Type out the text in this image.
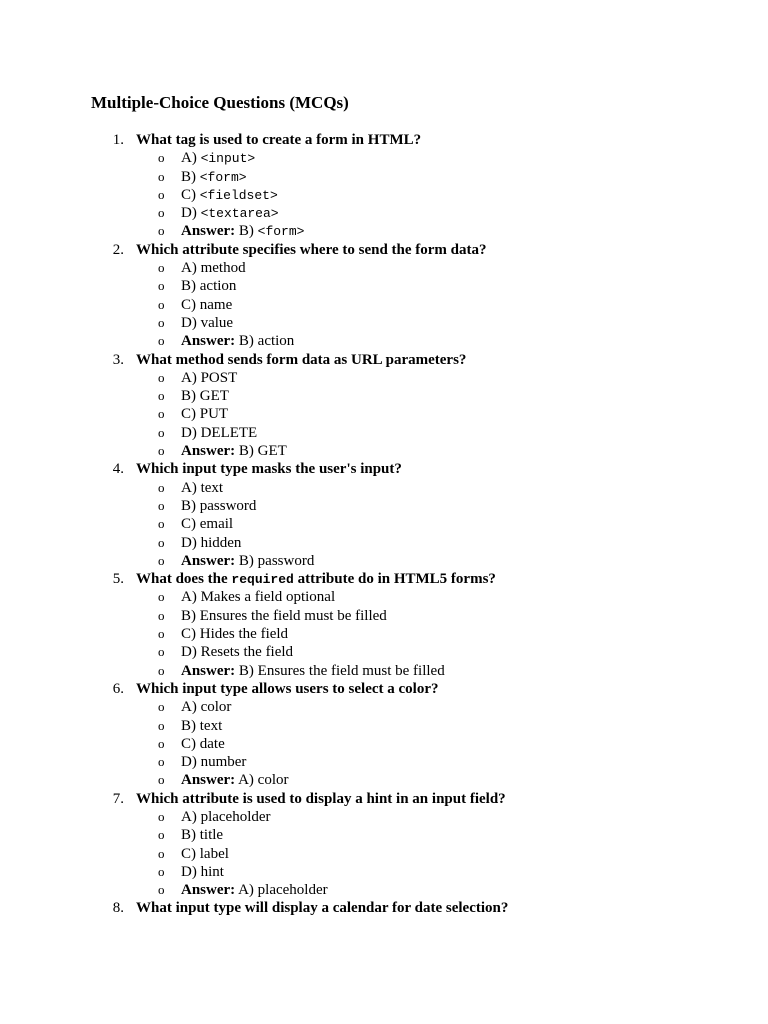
Multiple-Choice Questions (MCQs)
1. What tag is used to create a form in HTML?
o A) <input>
o B) <form>
o C) <fieldset>
o D) <textarea>
o Answer: B) <form>
2. Which attribute specifies where to send the form data?
o A) method
o B) action
o C) name
o D) value
o Answer: B) action
3. What method sends form data as URL parameters?
o A) POST
o B) GET
o C) PUT
o D) DELETE
o Answer: B) GET
4. Which input type masks the user's input?
o A) text
o B) password
o C) email
o D) hidden
o Answer: B) password
5. What does the required attribute do in HTML5 forms?
o A) Makes a field optional
o B) Ensures the field must be filled
o C) Hides the field
o D) Resets the field
o Answer: B) Ensures the field must be filled
6. Which input type allows users to select a color?
o A) color
o B) text
o C) date
o D) number
o Answer: A) color
7. Which attribute is used to display a hint in an input field?
o A) placeholder
o B) title
o C) label
o D) hint
o Answer: A) placeholder
8. What input type will display a calendar for date selection?
